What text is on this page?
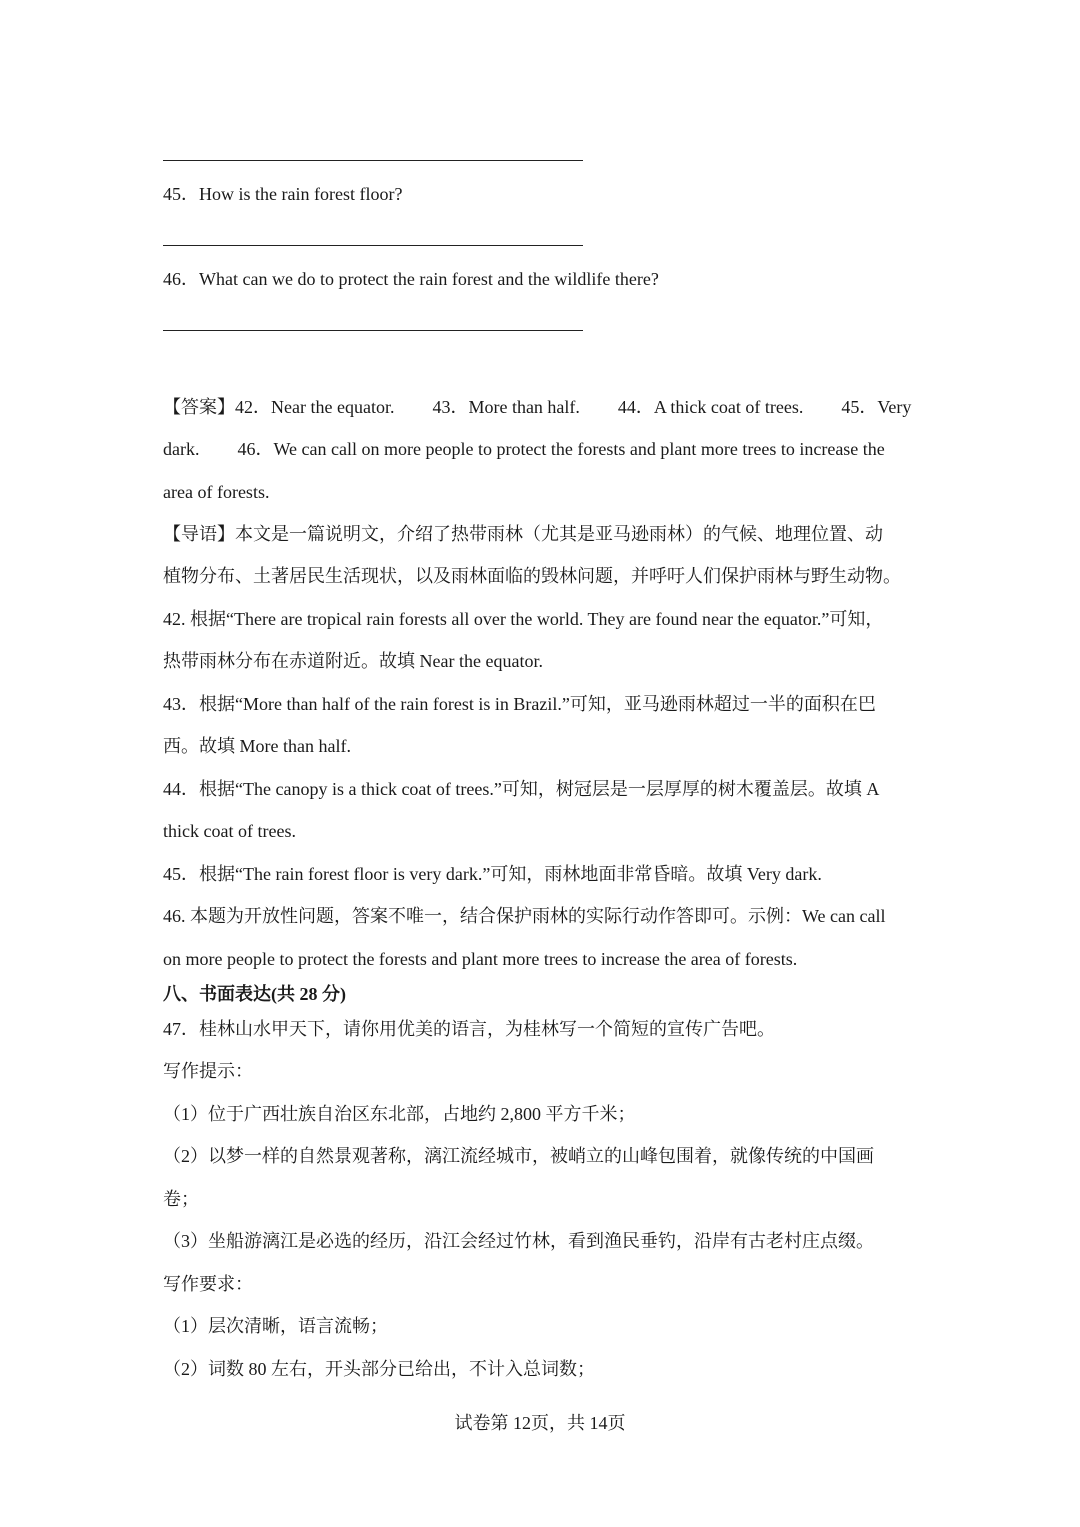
45．How is the rain forest floor?
46．What can we do to protect the rain forest and the wildlife there?
【答案】42．Near the equator. 43．More than half. 44．A thick coat of trees. 45．Very
dark. 46．We can call on more people to protect the forests and plant more trees to increase the
area of forests.
【导语】本文是一篇说明文，介绍了热带雨林（尤其是亚马逊雨林）的气候、地理位置、动
植物分布、土著居民生活现状，以及雨林面临的毁林问题，并呼吁人们保护雨林与野生动物。
42. 根据“There are tropical rain forests all over the world. They are found near the equator.”可知，
热带雨林分布在赤道附近。故填 Near the equator.
43．根据“More than half of the rain forest is in Brazil.”可知，亚马逊雨林超过一半的面积在巴
西。故填 More than half.
44．根据“The canopy is a thick coat of trees.”可知，树冠层是一层厚厚的树木覆盖层。故填 A
thick coat of trees.
45．根据“The rain forest floor is very dark.”可知，雨林地面非常昏暗。故填 Very dark.
46. 本题为开放性问题，答案不唯一，结合保护雨林的实际行动作答即可。示例：We can call
on more people to protect the forests and plant more trees to increase the area of forests.
八、书面表达(共 28 分)
47．桂林山水甲天下，请你用优美的语言，为桂林写一个简短的宣传广告吧。
写作提示：
（1）位于广西壮族自治区东北部，占地约 2,800 平方千米；
（2）以梦一样的自然景观著称，漓江流经城市，被峭立的山峰包围着，就像传统的中国画
卷；
（3）坐船游漓江是必选的经历，沿江会经过竹林，看到渔民垂钓，沿岸有古老村庄点缀。
写作要求：
（1）层次清晰，语言流畅；
（2）词数 80 左右，开头部分已给出，不计入总词数；
试卷第 12页，共 14页
